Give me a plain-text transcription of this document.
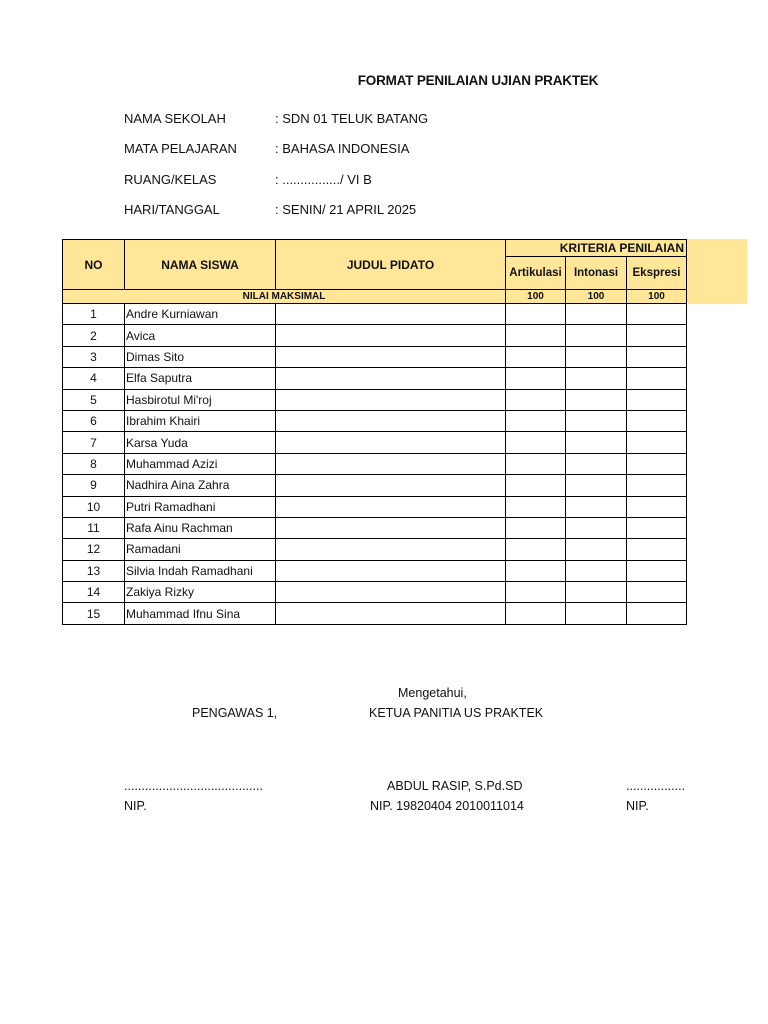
FORMAT PENILAIAN UJIAN PRAKTEK
NAMA SEKOLAH	: SDN 01 TELUK BATANG
MATA PELAJARAN	: BAHASA INDONESIA
RUANG/KELAS	: ................/ VI B
HARI/TANGGAL	: SENIN/ 21 APRIL 2025
NO	NAMA SISWA	JUDUL PIDATO	KRITERIA PENILAIAN		
			Artikulasi	Intonasi	Ekspresi
NILAI MAKSIMAL			100	100	100
1	Andre Kurniawan				
2	Avica				
3	Dimas Sito				
4	Elfa Saputra				
5	Hasbirotul Mi'roj				
6	Ibrahim Khairi				
7	Karsa Yuda				
8	Muhammad Azizi				
9	Nadhira Aina Zahra				
10	Putri Ramadhani				
11	Rafa Ainu Rachman				
12	Ramadani				
13	Silvia Indah Ramadhani				
14	Zakiya Rizky				
15	Muhammad Ifnu Sina				
Mengetahui,
PENGAWAS 1,	KETUA PANITIA US PRAKTEK
........................................	ABDUL RASIP, S.Pd.SD	.................
NIP.	NIP. 19820404 2010011014	NIP.
